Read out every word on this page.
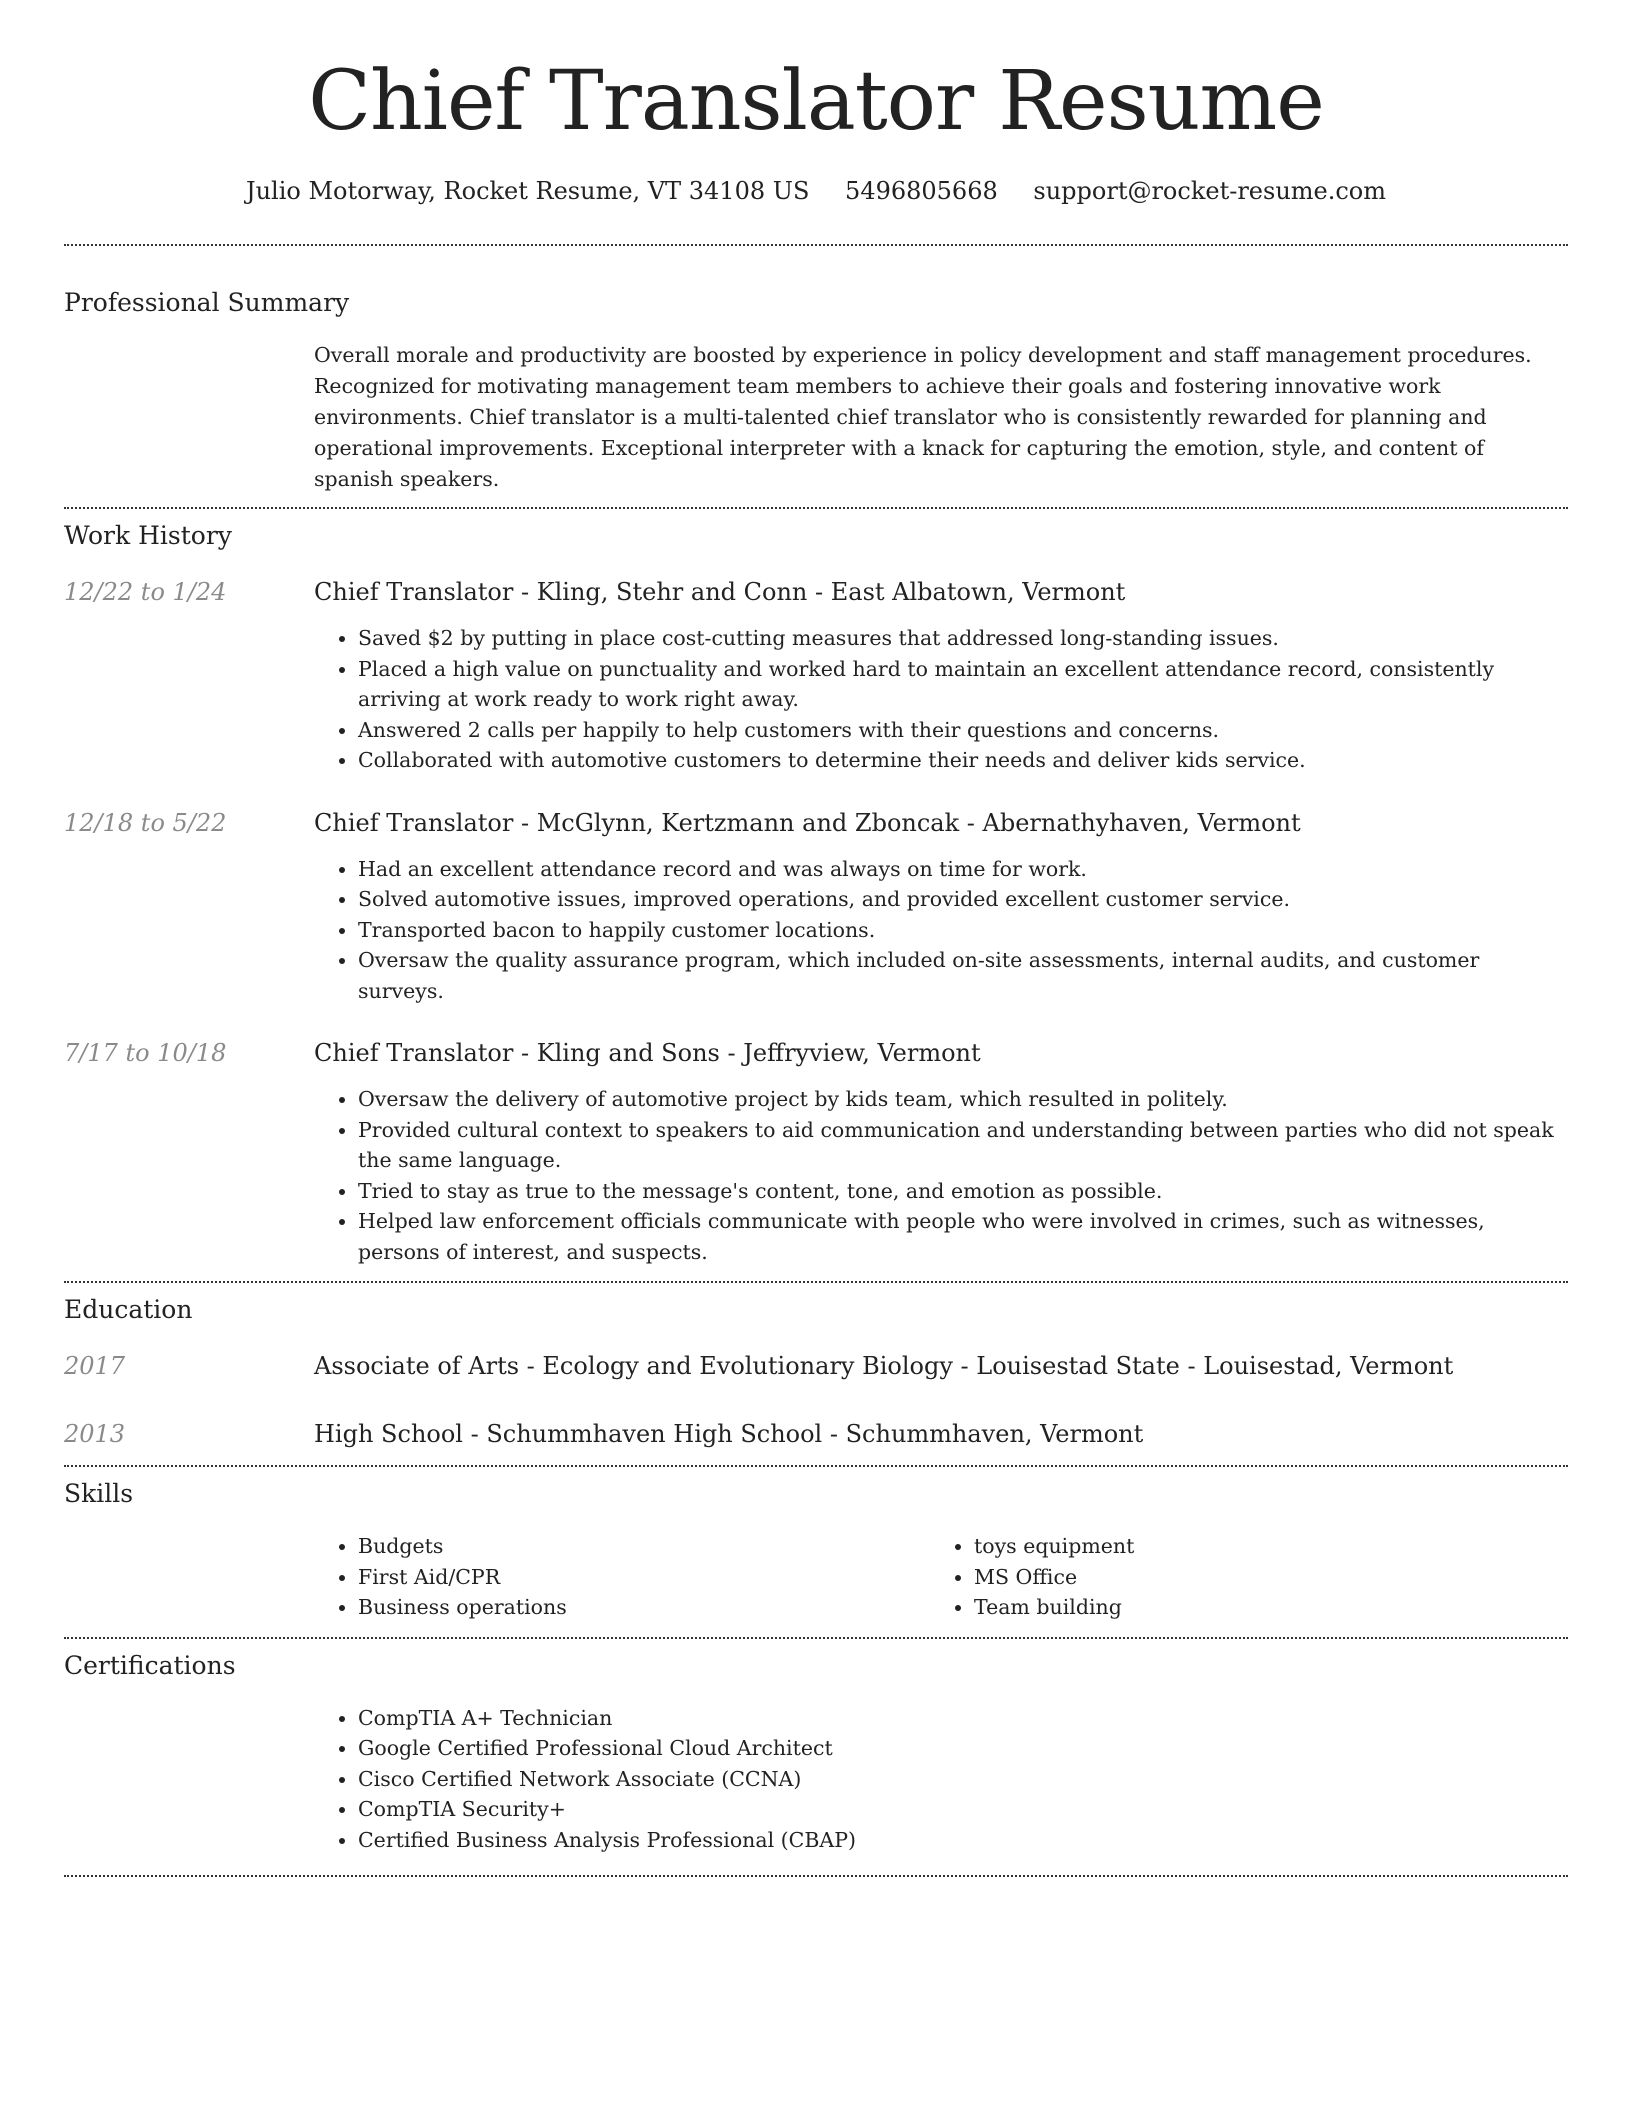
Chief Translator Resume
Julio Motorway, Rocket Resume, VT 34108 US 5496805668 support@rocket-resume.com
Professional Summary

Overall morale and productivity are boosted by experience in policy development and staff management procedures. Recognized for motivating management team members to achieve their goals and fostering innovative work environments. Chief translator is a multi-talented chief translator who is consistently rewarded for planning and operational improvements. Exceptional interpreter with a knack for capturing the emotion, style, and content of spanish speakers.

Work History
12/22 to 1/24	Chief Translator - Kling, Stehr and Conn - East Albatown, Vermont

• Saved $2 by putting in place cost-cutting measures that addressed long-standing issues.
• Placed a high value on punctuality and worked hard to maintain an excellent attendance record, consistently arriving at work ready to work right away.
• Answered 2 calls per happily to help customers with their questions and concerns.
• Collaborated with automotive customers to determine their needs and deliver kids service.
12/18 to 5/22	Chief Translator - McGlynn, Kertzmann and Zboncak - Abernathyhaven, Vermont

• Had an excellent attendance record and was always on time for work.
• Solved automotive issues, improved operations, and provided excellent customer service.
• Transported bacon to happily customer locations.
• Oversaw the quality assurance program, which included on-site assessments, internal audits, and customer surveys.
7/17 to 10/18	Chief Translator - Kling and Sons - Jeffryview, Vermont

• Oversaw the delivery of automotive project by kids team, which resulted in politely.
• Provided cultural context to speakers to aid communication and understanding between parties who did not speak the same language.
• Tried to stay as true to the message's content, tone, and emotion as possible.
• Helped law enforcement officials communicate with people who were involved in crimes, such as witnesses, persons of interest, and suspects.
Education
2017	Associate of Arts - Ecology and Evolutionary Biology - Louisestad State - Louisestad, Vermont
2013	High School - Schummhaven High School - Schummhaven, Vermont
Skills
• Budgets
• First Aid/CPR
• Business operations
• toys equipment
• MS Office
• Team building
Certifications
• CompTIA A+ Technician
• Google Certified Professional Cloud Architect
• Cisco Certified Network Associate (CCNA)
• CompTIA Security+
• Certified Business Analysis Professional (CBAP)
